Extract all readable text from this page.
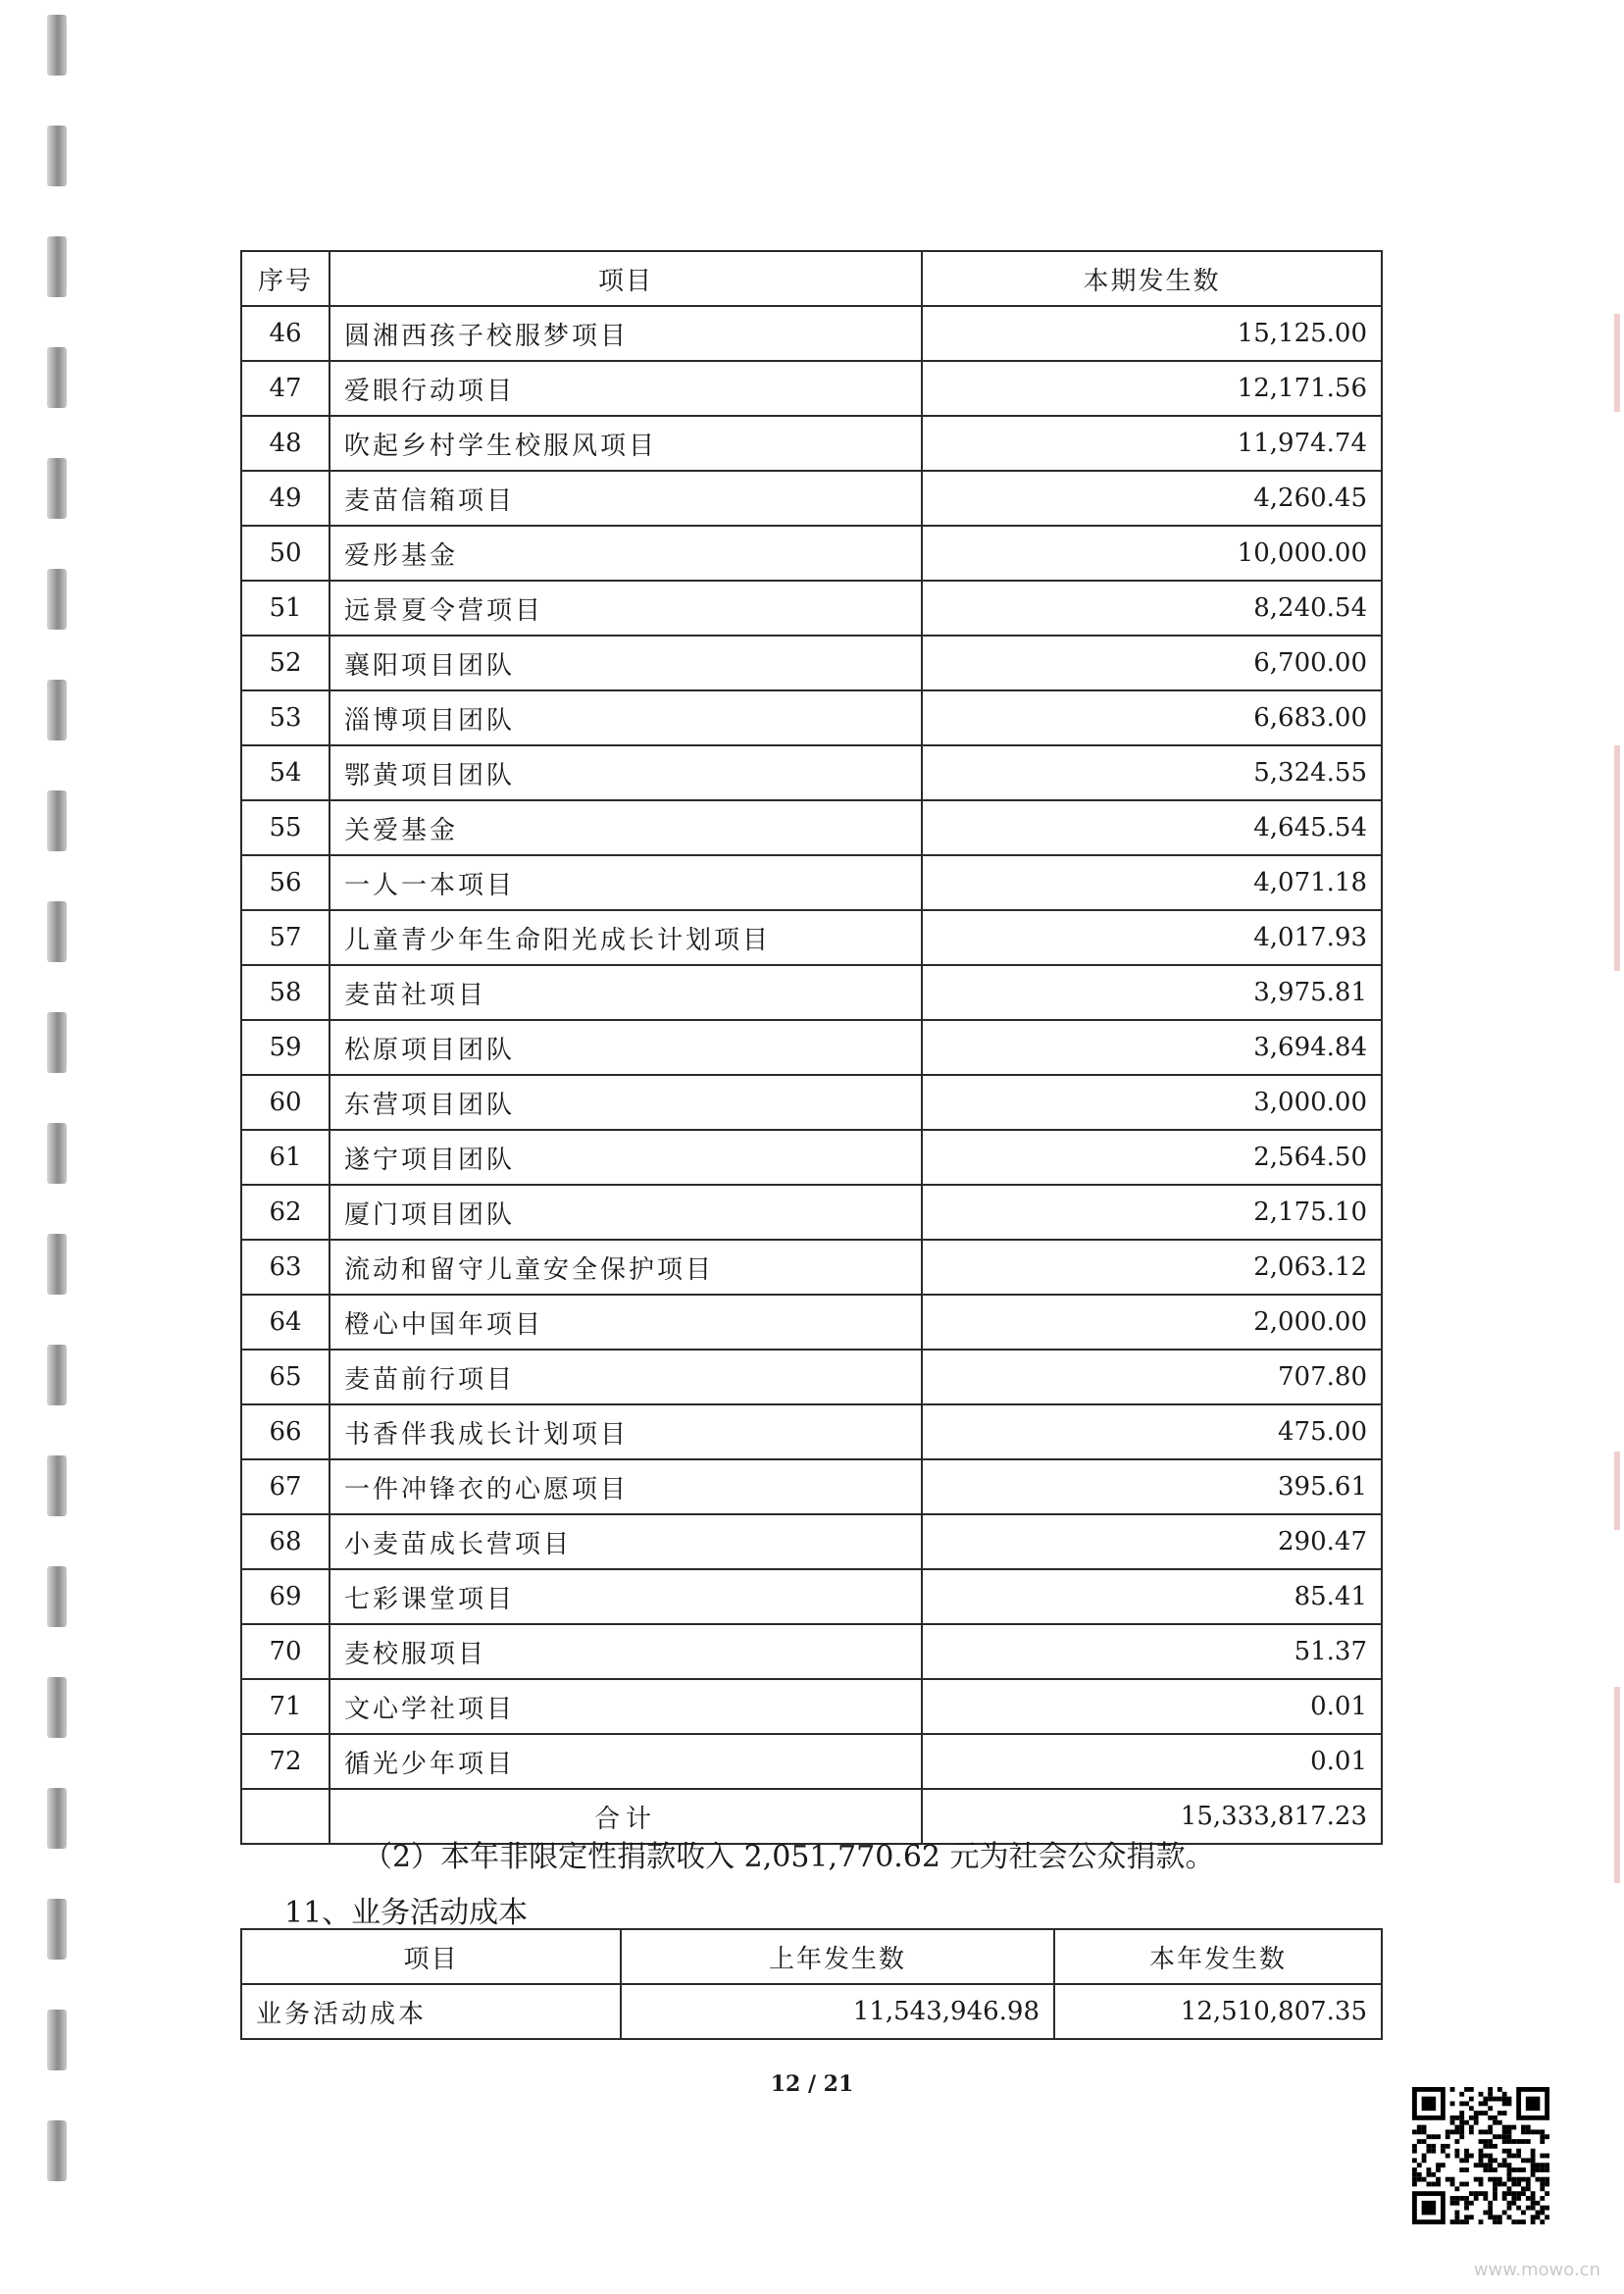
序号	项目	本期发生数
46	圆湘西孩子校服梦项目	15,125.00
47	爱眼行动项目	12,171.56
48	吹起乡村学生校服风项目	11,974.74
49	麦苗信箱项目	4,260.45
50	爱彤基金	10,000.00
51	远景夏令营项目	8,240.54
52	襄阳项目团队	6,700.00
53	淄博项目团队	6,683.00
54	鄂黄项目团队	5,324.55
55	关爱基金	4,645.54
56	一人一本项目	4,071.18
57	儿童青少年生命阳光成长计划项目	4,017.93
58	麦苗社项目	3,975.81
59	松原项目团队	3,694.84
60	东营项目团队	3,000.00
61	遂宁项目团队	2,564.50
62	厦门项目团队	2,175.10
63	流动和留守儿童安全保护项目	2,063.12
64	橙心中国年项目	2,000.00
65	麦苗前行项目	707.80
66	书香伴我成长计划项目	475.00
67	一件冲锋衣的心愿项目	395.61
68	小麦苗成长营项目	290.47
69	七彩课堂项目	85.41
70	麦校服项目	51.37
71	文心学社项目	0.01
72	循光少年项目	0.01
	合计	15,333,817.23
（2）本年非限定性捐款收入 2,051,770.62 元为社会公众捐款。
11、业务活动成本
项目	上年发生数	本年发生数
业务活动成本	11,543,946.98	12,510,807.35
12 / 21
www.mowo.cn
